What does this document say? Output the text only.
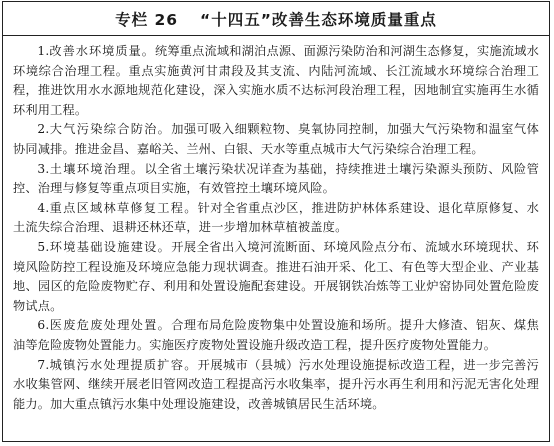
专栏 26 “十四五”改善生态环境质量重点

1.改善水环境质量。统筹重点流域和湖泊点源、面源污染防治和河湖生态修复，实施流域水环境综合治理工程。重点实施黄河甘肃段及其支流、内陆河流域、长江流域水环境综合治理工程，推进饮用水水源地规范化建设，深入实施水质不达标河段治理工程，因地制宜实施再生水循环利用工程。

2.大气污染综合防治。加强可吸入细颗粒物、臭氧协同控制，加强大气污染物和温室气体协同减排。推进金昌、嘉峪关、兰州、白银、天水等重点城市大气污染综合治理工程。

3.土壤环境治理。以全省土壤污染状况详查为基础，持续推进土壤污染源头预防、风险管控、治理与修复等重点项目实施，有效管控土壤环境风险。

4.重点区域林草修复工程。针对全省重点沙区，推进防护林体系建设、退化草原修复、水土流失综合治理、退耕还林还草，进一步增加林草植被盖度。

5.环境基础设施建设。开展全省出入境河流断面、环境风险点分布、流域水环境现状、环境风险防控工程设施及环境应急能力现状调查。推进石油开采、化工、有色等大型企业、产业基地、园区的危险废物贮存、利用和处置设施配套建设。开展钢铁冶炼等工业炉窑协同处置危险废物试点。

6.医废危废处理处置。合理布局危险废物集中处置设施和场所。提升大修渣、铝灰、煤焦油等危险废物处置能力。实施医疗废物处置设施升级改造工程，提升医疗废物处置能力。

7.城镇污水处理提质扩容。开展城市（县城）污水处理设施提标改造工程，进一步完善污水收集管网、继续开展老旧管网改造工程提高污水收集率，提升污水再生利用和污泥无害化处理能力。加大重点镇污水集中处理设施建设，改善城镇居民生活环境。
